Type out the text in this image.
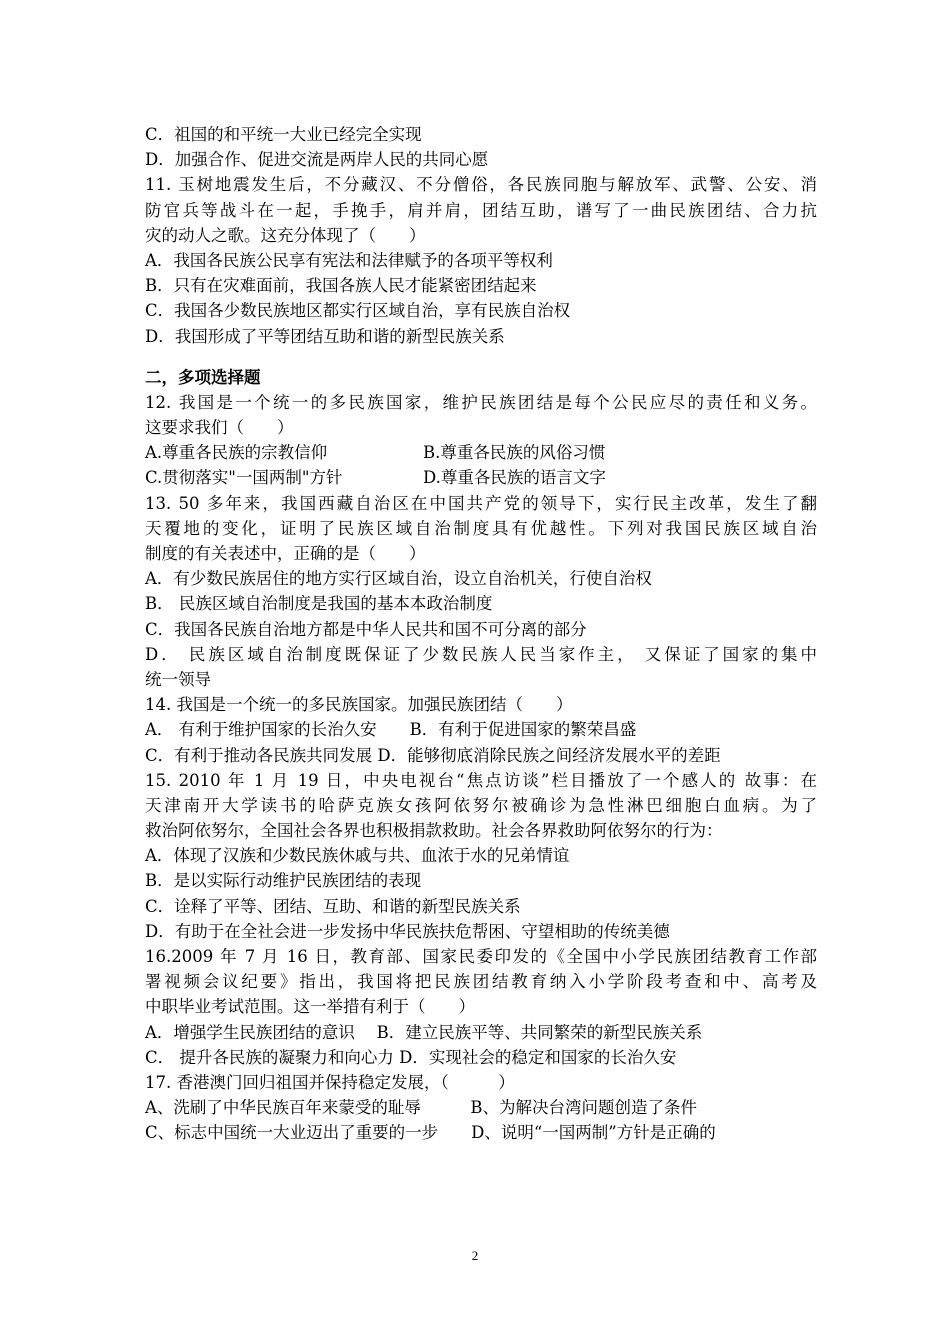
C．祖国的和平统一大业已经完全实现
D．加强合作、促进交流是两岸人民的共同心愿
11. 玉树地震发生后，不分藏汉、不分僧俗，各民族同胞与解放军、武警、公安、消
防官兵等战斗在一起，手挽手，肩并肩，团结互助，谱写了一曲民族团结、合力抗
灾的动人之歌。这充分体现了（　　）
A．我国各民族公民享有宪法和法律赋予的各项平等权利
B．只有在灾难面前，我国各族人民才能紧密团结起来
C．我国各少数民族地区都实行区域自治，享有民族自治权
D．我国形成了平等团结互助和谐的新型民族关系
二，多项选择题
12. 我国是一个统一的多民族国家，维护民族团结是每个公民应尽的责任和义务。
这要求我们（　　）
A.尊重各民族的宗教信仰	B.尊重各民族的风俗习惯
C.贯彻落实"一国两制"方针	D.尊重各民族的语言文字
13. 50 多年来，我国西藏自治区在中国共产党的领导下，实行民主改革，发生了翻
天覆地的变化，证明了民族区域自治制度具有优越性。下列对我国民族区域自治
制度的有关表述中，正确的是（　　）
A．有少数民族居住的地方实行区域自治，设立自治机关，行使自治权
B． 民族区域自治制度是我国的基本本政治制度
C．我国各民族自治地方都是中华人民共和国不可分离的部分
D． 民族区域自治制度既保证了少数民族人民当家作主， 又保证了国家的集中
统一领导
14. 我国是一个统一的多民族国家。加强民族团结（　　）
A． 有利于维护国家的长治久安　　B．有利于促进国家的繁荣昌盛
C．有利于推动各民族共同发展 D．能够彻底消除民族之间经济发展水平的差距
15. 2010 年 1 月 19 日，中央电视台“焦点访谈”栏目播放了一个感人的 故事：在
天津南开大学读书的哈萨克族女孩阿依努尔被确诊为急性淋巴细胞白血病。为了
救治阿依努尔，全国社会各界也积极捐款救助。社会各界救助阿依努尔的行为：
A．体现了汉族和少数民族休戚与共、血浓于水的兄弟情谊
B．是以实际行动维护民族团结的表现
C．诠释了平等、团结、互助、和谐的新型民族关系
D．有助于在全社会进一步发扬中华民族扶危帮困、守望相助的传统美德
16.2009 年 7 月 16 日，教育部、国家民委印发的《全国中小学民族团结教育工作部
署视频会议纪要》指出，我国将把民族团结教育纳入小学阶段考查和中、高考及
中职毕业考试范围。这一举措有利于（　　）
A．增强学生民族团结的意识　 B．建立民族平等、共同繁荣的新型民族关系
C． 提升各民族的凝聚力和向心力 D．实现社会的稳定和国家的长治久安
17. 香港澳门回归祖国并保持稳定发展，（　　　）
A、洗刷了中华民族百年来蒙受的耻辱　　　B、为解决台湾问题创造了条件
C、标志中国统一大业迈出了重要的一步　　D、说明“一国两制”方针是正确的
2
